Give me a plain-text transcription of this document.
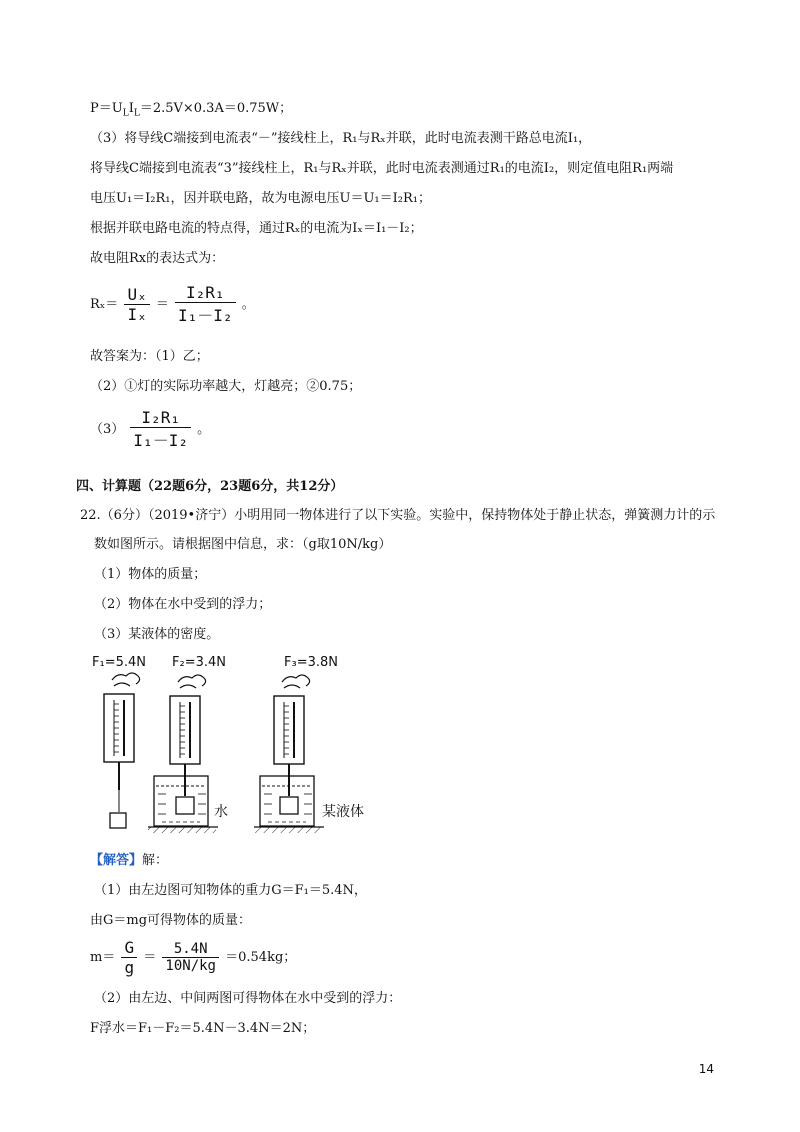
$P=U_LI_L=2.5V\times 0.3A=0.75W$；
（3）将导线C端接到电流表“－”接线柱上，R₁与Rₓ并联，此时电流表测干路总电流I₁，
将导线C端接到电流表“3”接线柱上，R₁与Rₓ并联，此时电流表测通过R₁的电流I₂，则定值电阻R₁两端
电压U₁＝I₂R₁，因并联电路，故为电源电压U＝U₁＝I₂R₁；
根据并联电路电流的特点得，通过Rₓ的电流为Iₓ＝I₁－I₂；
故电阻Rx的表达式为：
$R_x= \frac{\text{Uₓ}}{\text{Iₓ}} = \frac{\text{I₂R₁}}{\text{I₁－I₂}}$ 。
故答案为：（1）乙；
（2）①灯的实际功率越大，灯越亮；②0.75；
$(3) \frac{\text{I₂R₁}}{\text{I₁－I₂}}$ 。
四、计算题（22题6分，23题6分，共12分）
22.（6分）（2019•济宁）小明用同一物体进行了以下实验。实验中，保持物体处于静止状态，弹簧测力计的示
数如图所示。请根据图中信息，求：（g取10N/kg）
（1）物体的质量；
（2）物体在水中受到的浮力；
（3）某液体的密度。
F₁=5.4N F₂=3.4N	F₃=3.8N
水	某液体
【解答】解：
（1）由左边图可知物体的重力G＝F₁＝5.4N，
由G＝mg可得物体的质量：
$m= \frac{G}{g} = \frac{5.4N}{10N/kg} =0.54kg$；
（2）由左边、中间两图可得物体在水中受到的浮力：
F浮水＝F₁－F₂＝5.4N－3.4N＝2N；
14
